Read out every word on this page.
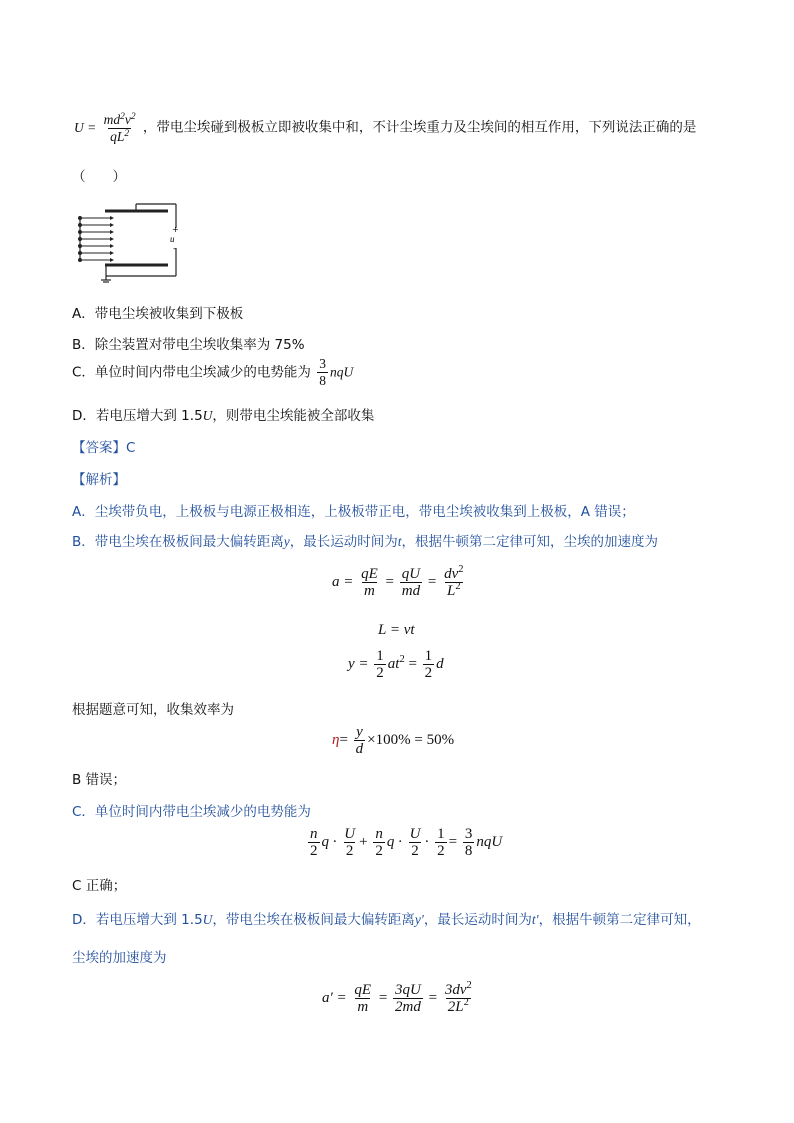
$U = \frac{md^2v^2}{qL^2}$ ，带电尘埃碰到极板立即被收集中和，不计尘埃重力及尘埃间的相互作用，下列说法正确的是
（　　）
+
u
-
A．带电尘埃被收集到下极板
B．除尘装置对带电尘埃收集率为 75%
C．单位时间内带电尘埃减少的电势能为 $\frac{3}{8}$ nqU
D．若电压增大到 1.5U，则带电尘埃能被全部收集
【答案】C
【解析】
A．尘埃带负电，上极板与电源正极相连，上极板带正电，带电尘埃被收集到上极板，A 错误；
B．带电尘埃在极板间最大偏转距离y，最长运动时间为t，根据牛顿第二定律可知，尘埃的加速度为
$a = \frac{qE}{m} = \frac{qU}{md} = \frac{dv^2}{L^2}$
L = vt
$y = \frac{1}{2} at^2 = \frac{1}{2}$ d
根据题意可知，收集效率为
$\eta= \frac{y}{d} \times 100\% = 50\%$
B 错误；
C．单位时间内带电尘埃减少的电势能为
$\frac{n}{2}$ $q \cdot \frac{U}{2} + \frac{n}{2}$ $q \cdot \frac{U}{2} \cdot \frac{1}{2} = \frac{3}{8}$ nqU
C 正确；
D．若电压增大到 1.5U，带电尘埃在极板间最大偏转距离y′，最长运动时间为t′，根据牛顿第二定律可知，
尘埃的加速度为
$a' = \frac{qE}{m} = \frac{3qU}{2md} = \frac{3dv^2}{2L^2}$
